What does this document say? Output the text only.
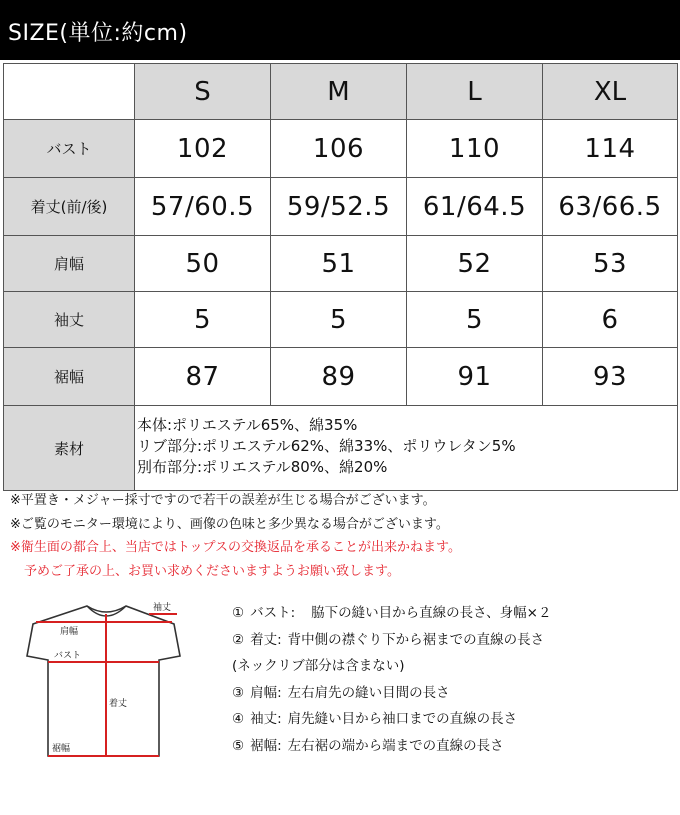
SIZE(単位:約cm)
	S	M	L	XL
バスト	102	106	110	114
着丈(前/後)	57/60.5	59/52.5	61/64.5	63/66.5
肩幅	50	51	52	53
袖丈	5	5	5	6
裾幅	87	89	91	93
素材	本体:ポリエステル65%、綿35%
リブ部分:ポリエステル62%、綿33%、ポリウレタン5%
別布部分:ポリエステル80%、綿20%			
※平置き・メジャー採寸ですので若干の誤差が生じる場合がございます。
※ご覧のモニター環境により、画像の色味と多少異なる場合がございます。
※衛生面の都合上、当店ではトップスの交換返品を承ることが出来かねます。
予めご了承の上、お買い求めくださいますようお願い致します。
袖丈
肩幅
バスト
着丈
裾幅
① バスト: 脇下の縫い目から直線の長さ、身幅×２
② 着丈: 背中側の襟ぐり下から裾までの直線の長さ
(ネックリブ部分は含まない)
③ 肩幅: 左右肩先の縫い目間の長さ
④ 袖丈: 肩先縫い目から袖口までの直線の長さ
⑤ 裾幅: 左右裾の端から端までの直線の長さ
